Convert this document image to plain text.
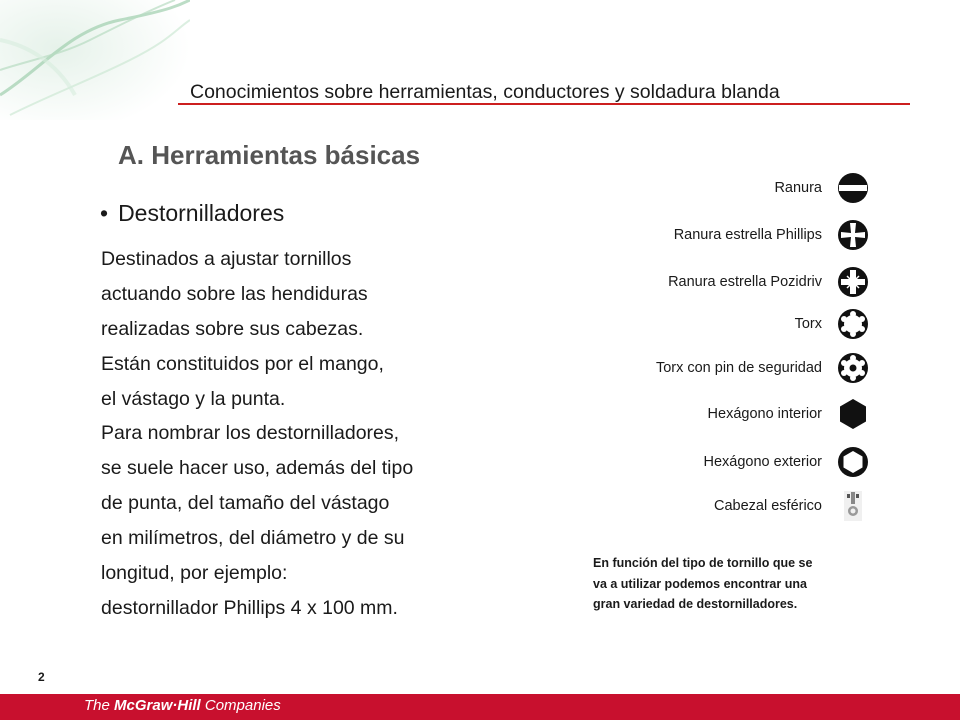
Conocimientos sobre herramientas, conductores y soldadura blanda
A. Herramientas básicas
• Destornilladores
Destinados a ajustar tornillos
actuando sobre las hendiduras
realizadas sobre sus cabezas.
Están constituidos por el mango,
el vástago y la punta.
Para nombrar los destornilladores,
se suele hacer uso, además del tipo
de punta, del tamaño del vástago
en milímetros, del diámetro y de su
longitud, por ejemplo:
destornillador Phillips 4 x 100 mm.
Ranura
Ranura estrella Phillips
Ranura estrella Pozidriv
Torx
Torx con pin de seguridad
Hexágono interior
Hexágono exterior
Cabezal esférico
En función del tipo de tornillo que se
va a utilizar podemos encontrar una
gran variedad de destornilladores.
2
The McGraw·Hill Companies
